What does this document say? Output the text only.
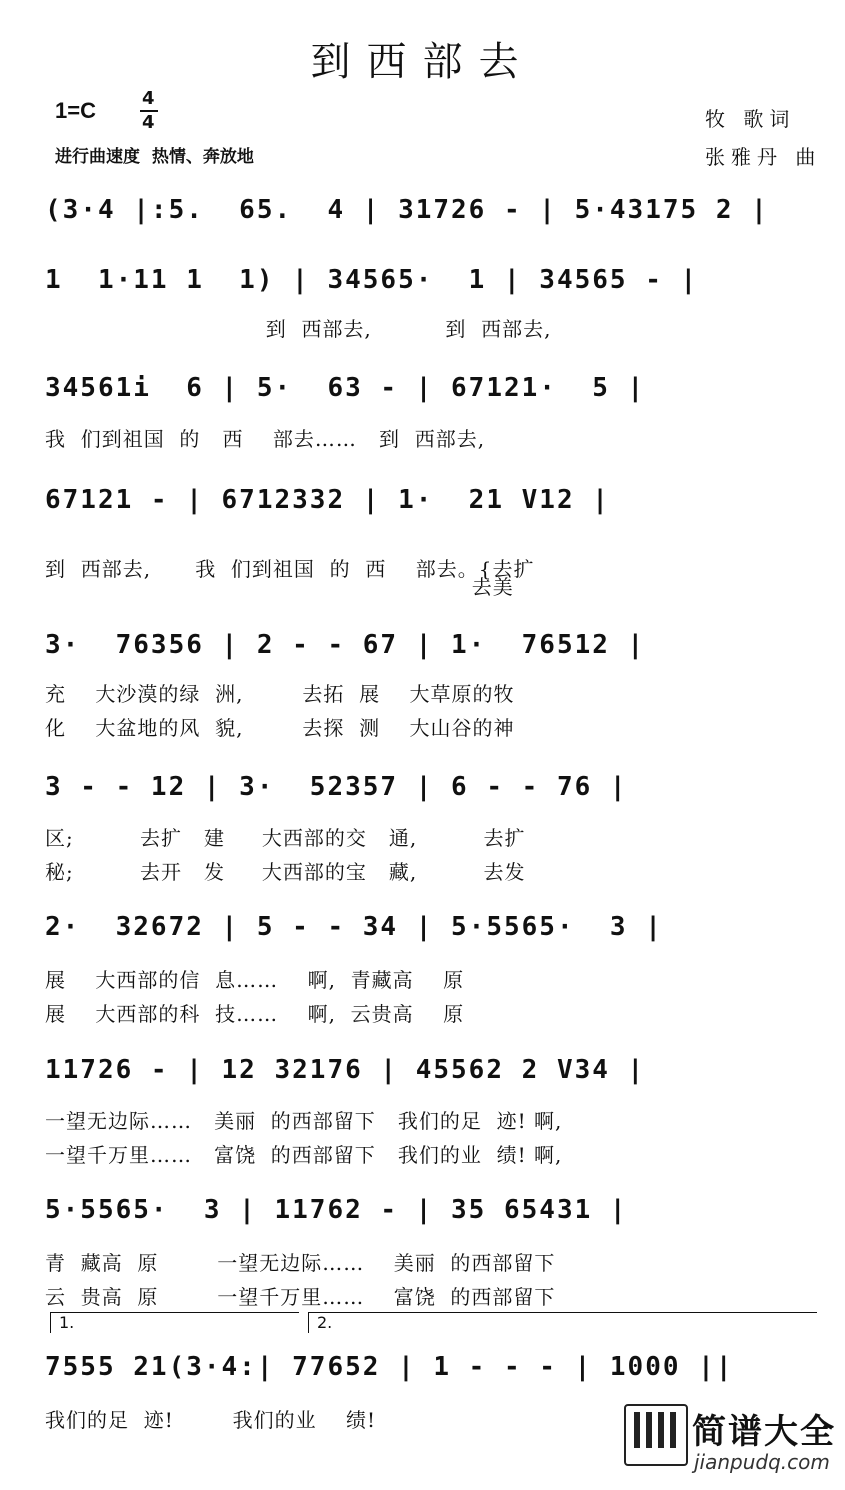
到西部去
1=C	4
4
进行曲速度  热情、奔放地
牧 歌词
张雅丹 曲
(3·4 |:5.  65.  4 | 31726 - | 5·43175 2 |
1  1·11 1  1) | 34565·  1 | 34565 - |
到  西部去,          到  西部去,
34561i  6 | 5·  63 - | 67121·  5 |
我  们到祖国  的   西    部去……   到  西部去,
67121 - | 6712332 | 1·  21 V12 |
到  西部去,      我  们到祖国  的  西    部去。{去扩
去美
3·  76356 | 2 - - 67 | 1·  76512 |
充    大沙漠的绿  洲,        去拓  展    大草原的牧
化    大盆地的风  貌,        去探  测    大山谷的神
3 - - 12 | 3·  52357 | 6 - - 76 |
区;         去扩   建     大西部的交   通,         去扩
秘;         去开   发     大西部的宝   藏,         去发
2·  32672 | 5 - - 34 | 5·5565·  3 |
展    大西部的信  息……    啊,  青藏高    原
展    大西部的科  技……    啊,  云贵高    原
11726 - | 12 32176 | 45562 2 V34 |
一望无边际……   美丽  的西部留下   我们的足  迹! 啊,
一望千万里……   富饶  的西部留下   我们的业  绩! 啊,
5·5565·  3 | 11762 - | 35 65431 |
青  藏高  原        一望无边际……    美丽  的西部留下
云  贵高  原        一望千万里……    富饶  的西部留下
1.	2.
7555 21(3·4:| 77652 | 1 - - - | 1000 ||
我们的足  迹!        我们的业    绩!	简谱大全
jianpudq.com
